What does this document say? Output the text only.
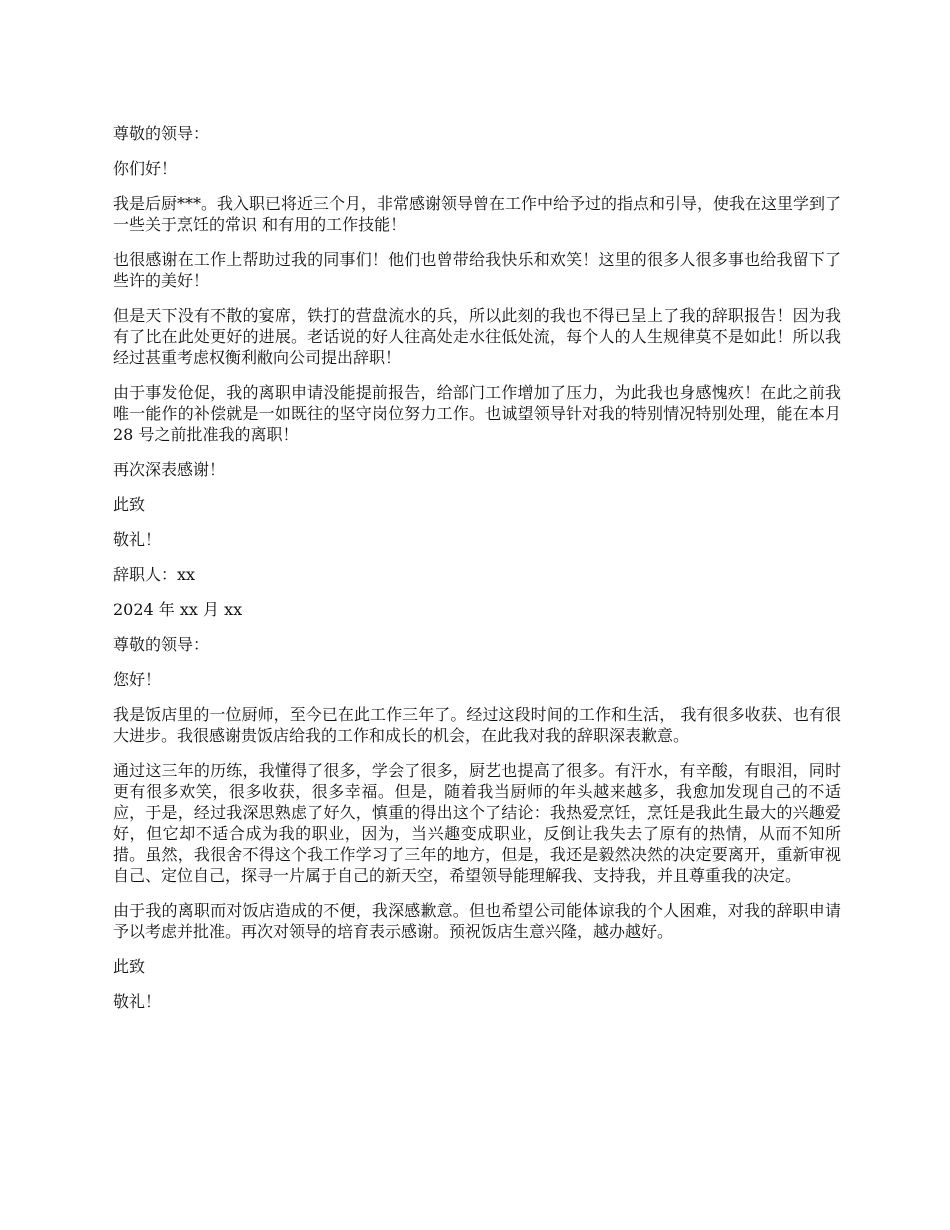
尊敬的领导：

你们好！

我是后厨***。我入职已将近三个月，非常感谢领导曾在工作中给予过的指点和引导，使我在这里学到了一些关于烹饪的常识 和有用的工作技能！

也很感谢在工作上帮助过我的同事们！他们也曾带给我快乐和欢笑！这里的很多人很多事也给我留下了些许的美好！

但是天下没有不散的宴席，铁打的营盘流水的兵，所以此刻的我也不得已呈上了我的辞职报告！因为我有了比在此处更好的进展。老话说的好人往高处走水往低处流，每个人的人生规律莫不是如此！所以我经过甚重考虑权衡利敝向公司提出辞职！

由于事发伧促，我的离职申请没能提前报告，给部门工作增加了压力，为此我也身感愧疚！在此之前我唯一能作的补偿就是一如既往的坚守岗位努力工作。也诚望领导针对我的特别情况特别处理，能在本月 28 号之前批准我的离职！

再次深表感谢！

此致

敬礼！

辞职人：xx

2024 年 xx 月 xx

尊敬的领导：

您好！

我是饭店里的一位厨师，至今已在此工作三年了。经过这段时间的工作和生活， 我有很多收获、也有很大进步。我很感谢贵饭店给我的工作和成长的机会，在此我对我的辞职深表歉意。

通过这三年的历练，我懂得了很多，学会了很多，厨艺也提高了很多。有汗水，有辛酸，有眼泪，同时更有很多欢笑，很多收获，很多幸福。但是，随着我当厨师的年头越来越多，我愈加发现自己的不适应，于是，经过我深思熟虑了好久，慎重的得出这个了结论：我热爱烹饪，烹饪是我此生最大的兴趣爱好，但它却不适合成为我的职业，因为，当兴趣变成职业，反倒让我失去了原有的热情，从而不知所措。虽然，我很舍不得这个我工作学习了三年的地方，但是，我还是毅然决然的决定要离开，重新审视自己、定位自己，探寻一片属于自己的新天空，希望领导能理解我、支持我，并且尊重我的决定。

由于我的离职而对饭店造成的不便，我深感歉意。但也希望公司能体谅我的个人困难，对我的辞职申请予以考虑并批准。再次对领导的培育表示感谢。预祝饭店生意兴隆，越办越好。

此致

敬礼！
